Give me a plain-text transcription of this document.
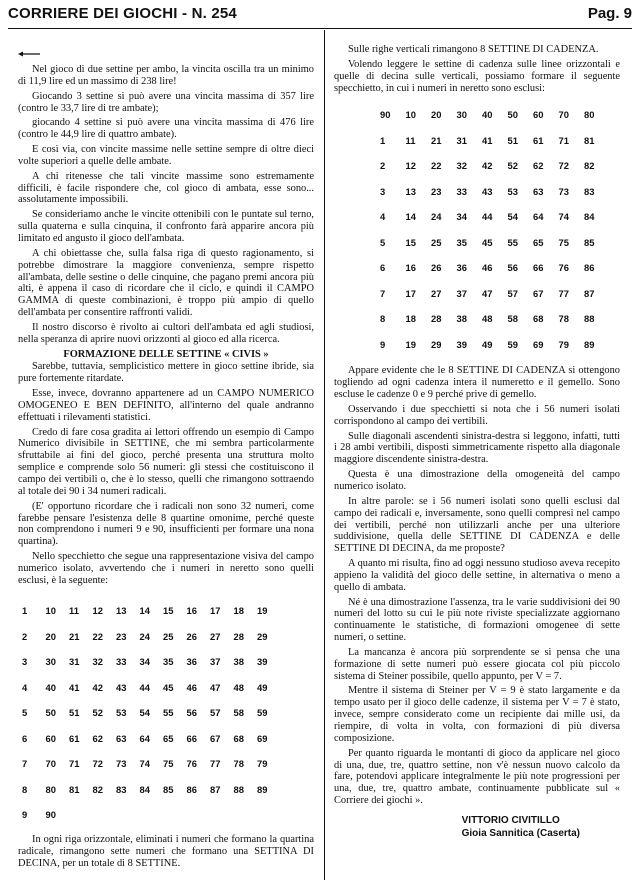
CORRIERE DEI GIOCHI - N. 254	Pag. 9

Nel gioco di due settine per ambo, la vincita oscilla tra un minimo di 11,9 lire ed un massimo di 238 lire!

Giocando 3 settine si può avere una vincita massima di 357 lire (contro le 33,7 lire di tre ambate);

giocando 4 settine si può avere una vincita massima di 476 lire (contro le 44,9 lire di quattro ambate).

E così via, con vincite massime nelle settine sempre di oltre dieci volte superiori a quelle delle ambate.

A chi ritenesse che tali vincite massime sono estremamente difficili, è facile rispondere che, col gioco di ambata, esse sono... assolutamente impossibili.

Se consideriamo anche le vincite ottenibili con le puntate sul terno, sulla quaterna e sulla cinquina, il confronto farà apparire ancora più limitato ed angusto il gioco dell'ambata.

A chi obiettasse che, sulla falsa riga di questo ragionamento, si potrebbe dimostrare la maggiore convenienza, sempre rispetto all'ambata, delle sestine o delle cinquine, che pagano premi ancora più alti, è appena il caso di ricordare che il ciclo, e quindi il CAMPO GAMMA di queste combinazioni, è troppo più ampio di quello dell'ambata per consentire raffronti validi.

Il nostro discorso è rivolto ai cultori dell'ambata ed agli studiosi, nella speranza di aprire nuovi orizzonti al gioco ed alla ricerca.

FORMAZIONE DELLE SETTINE « CIVIS »

Sarebbe, tuttavia, semplicistico mettere in gioco settine ibride, sia pure fortemente ritardate.

Esse, invece, dovranno appartenere ad un CAMPO NUMERICO OMOGENEO E BEN DEFINITO, all'interno del quale andranno effettuati i rilevamenti statistici.

Credo di fare cosa gradita ai lettori offrendo un esempio di Campo Numerico divisibile in SETTINE, che mi sembra particolarmente sfruttabile ai fini del gioco, perché presenta una struttura molto semplice e comprende solo 56 numeri: gli stessi che costituiscono il campo dei vertibili o, che è lo stesso, quelli che rimangono sottraendo al totale dei 90 i 34 numeri radicali.

(E' opportuno ricordare che i radicali non sono 32 numeri, come farebbe pensare l'esistenza delle 8 quartine omonime, perché queste non comprendono i numeri 9 e 90, insufficienti per formare una nona quartina).

Nello specchietto che segue una rappresentazione visiva del campo numerico isolato, avvertendo che i numeri in neretto sono quelli esclusi, è la seguente:

1	10	11	12	13	14	15	16	17	18	19
2	20	21	22	23	24	25	26	27	28	29
3	30	31	32	33	34	35	36	37	38	39
4	40	41	42	43	44	45	46	47	48	49
5	50	51	52	53	54	55	56	57	58	59
6	60	61	62	63	64	65	66	67	68	69
7	70	71	72	73	74	75	76	77	78	79
8	80	81	82	83	84	85	86	87	88	89
9	90									

In ogni riga orizzontale, eliminati i numeri che formano la quartina radicale, rimangono sette numeri che formano una SETTINA DI DECINA, per un totale di 8 SETTINE.

Sulle righe verticali rimangono 8 SETTINE DI CADENZA.

Volendo leggere le settine di cadenza sulle linee orizzontali e quelle di decina sulle verticali, possiamo formare il seguente specchietto, in cui i numeri in neretto sono esclusi:

90	10	20	30	40	50	60	70	80
1	11	21	31	41	51	61	71	81
2	12	22	32	42	52	62	72	82
3	13	23	33	43	53	63	73	83
4	14	24	34	44	54	64	74	84
5	15	25	35	45	55	65	75	85
6	16	26	36	46	56	66	76	86
7	17	27	37	47	57	67	77	87
8	18	28	38	48	58	68	78	88
9	19	29	39	49	59	69	79	89

Appare evidente che le 8 SETTINE DI CADENZA si ottengono togliendo ad ogni cadenza intera il numeretto e il gemello. Sono escluse le cadenze 0 e 9 perché prive di gemello.

Osservando i due specchietti si nota che i 56 numeri isolati corrispondono al campo dei vertibili.

Sulle diagonali ascendenti sinistra-destra si leggono, infatti, tutti i 28 ambi vertibili, disposti simmetricamente rispetto alla diagonale maggiore discendente sinistra-destra.

Questa è una dimostrazione della omogeneità del campo numerico isolato.

In altre parole: se i 56 numeri isolati sono quelli esclusi dal campo dei radicali e, inversamente, sono quelli compresi nel campo dei vertibili, perché non utilizzarli anche per una ulteriore suddivisione, quella delle SETTINE DI CADENZA e delle SETTINE DI DECINA, da me proposte?

A quanto mi risulta, fino ad oggi nessuno studioso aveva recepito appieno la validità del gioco delle settine, in alternativa o meno a quello di ambata.

Né è una dimostrazione l'assenza, tra le varie suddivisioni dei 90 numeri del lotto su cui le più note riviste specializzate aggiornano continuamente le statistiche, di formazioni omogenee di sette numeri, o settine.

La mancanza è ancora più sorprendente se si pensa che una formazione di sette numeri può essere giocata col più piccolo sistema di Steiner possibile, quello appunto, per V = 7.

Mentre il sistema di Steiner per V = 9 è stato largamente e da tempo usato per il gioco delle cadenze, il sistema per V = 7 è stato, invece, sempre considerato come un recipiente dai mille usi, da riempire, di volta in volta, con formazioni di più diversa composizione.

Per quanto riguarda le montanti di gioco da applicare nel gioco di una, due, tre, quattro settine, non v'è nessun nuovo calcolo da fare, potendovi applicare integralmente le più note progressioni per una, due, tre, quattro ambate, continuamente pubblicate sul « Corriere dei giochi ».

VITTORIO CIVITILLO
Gioia Sannitica (Caserta)
